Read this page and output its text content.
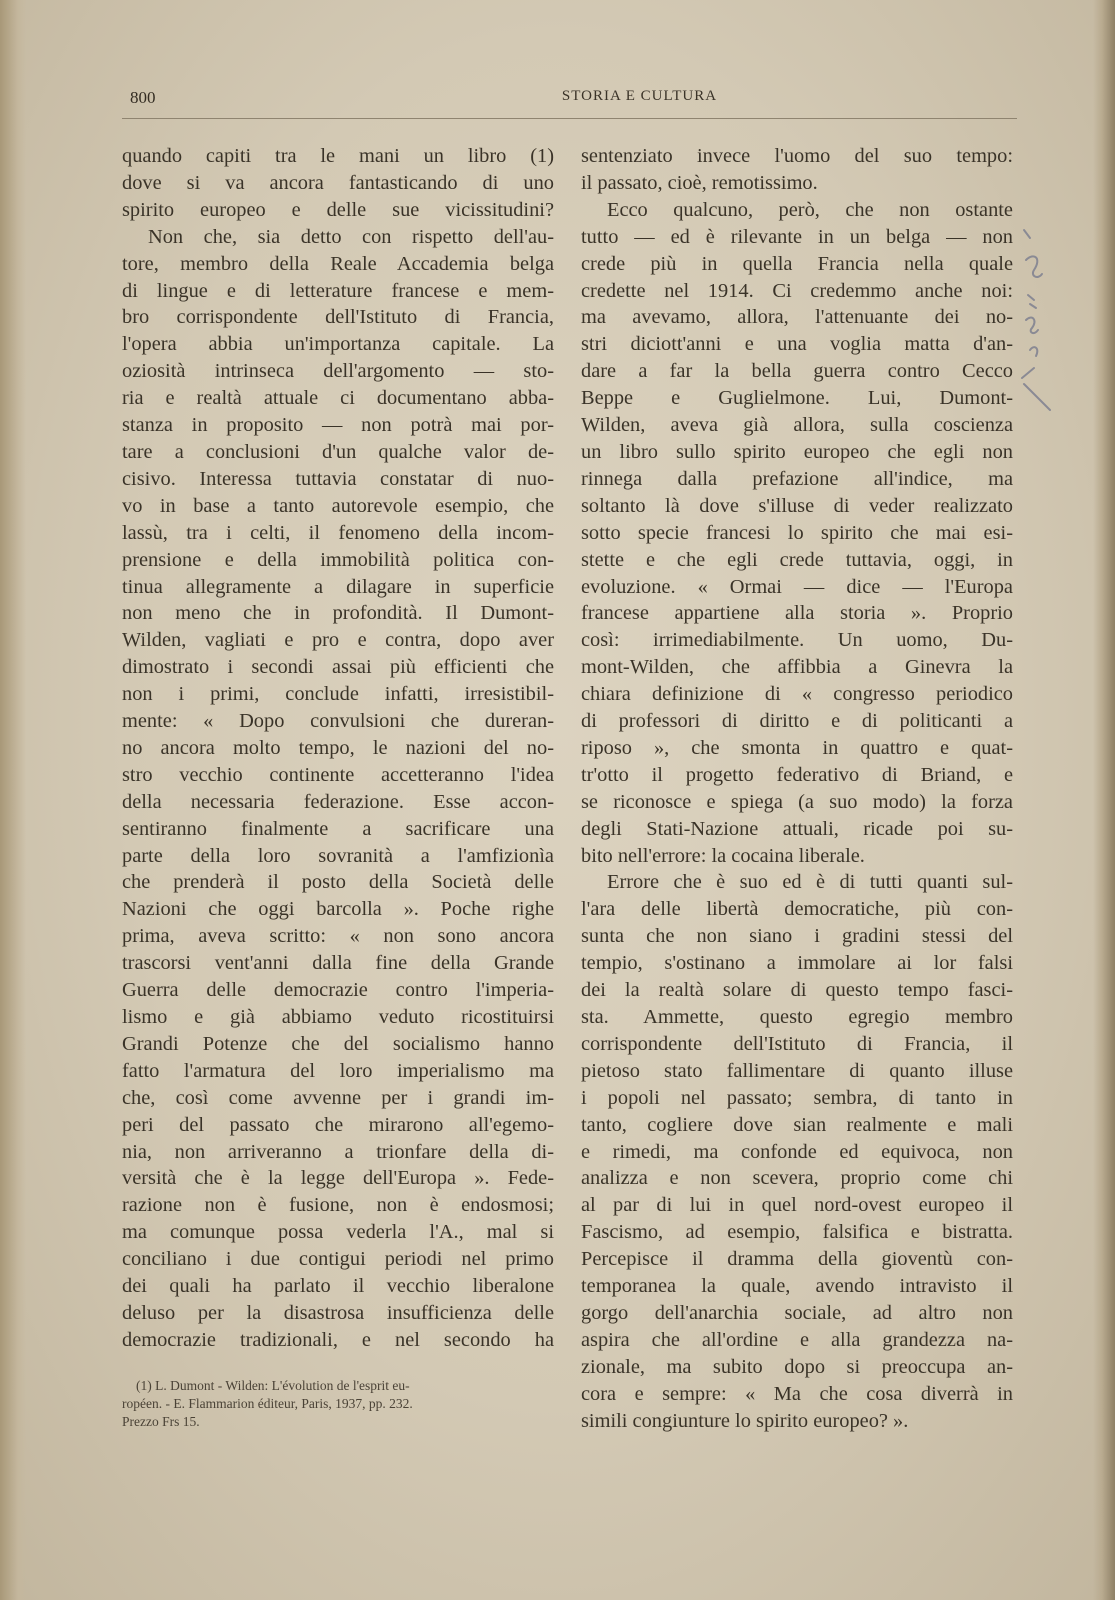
800	STORIA E CULTURA
quando capiti tra le mani un libro (1)
dove si va ancora fantasticando di uno
spirito europeo e delle sue vicissitudini?
Non che, sia detto con rispetto dell'au-
tore, membro della Reale Accademia belga
di lingue e di letterature francese e mem-
bro corrispondente dell'Istituto di Francia,
l'opera abbia un'importanza capitale. La
oziosità intrinseca dell'argomento — sto-
ria e realtà attuale ci documentano abba-
stanza in proposito — non potrà mai por-
tare a conclusioni d'un qualche valor de-
cisivo. Interessa tuttavia constatar di nuo-
vo in base a tanto autorevole esempio, che
lassù, tra i celti, il fenomeno della incom-
prensione e della immobilità politica con-
tinua allegramente a dilagare in superficie
non meno che in profondità. Il Dumont-
Wilden, vagliati e pro e contra, dopo aver
dimostrato i secondi assai più efficienti che
non i primi, conclude infatti, irresistibil-
mente: « Dopo convulsioni che dureran-
no ancora molto tempo, le nazioni del no-
stro vecchio continente accetteranno l'idea
della necessaria federazione. Esse accon-
sentiranno finalmente a sacrificare una
parte della loro sovranità a l'amfizionìa
che prenderà il posto della Società delle
Nazioni che oggi barcolla ». Poche righe
prima, aveva scritto: « non sono ancora
trascorsi vent'anni dalla fine della Grande
Guerra delle democrazie contro l'imperia-
lismo e già abbiamo veduto ricostituirsi
Grandi Potenze che del socialismo hanno
fatto l'armatura del loro imperialismo ma
che, così come avvenne per i grandi im-
peri del passato che mirarono all'egemo-
nia, non arriveranno a trionfare della di-
versità che è la legge dell'Europa ». Fede-
razione non è fusione, non è endosmosi;
ma comunque possa vederla l'A., mal si
conciliano i due contigui periodi nel primo
dei quali ha parlato il vecchio liberalone
deluso per la disastrosa insufficienza delle
democrazie tradizionali, e nel secondo ha
sentenziato invece l'uomo del suo tempo:
il passato, cioè, remotissimo.
Ecco qualcuno, però, che non ostante
tutto — ed è rilevante in un belga — non
crede più in quella Francia nella quale
credette nel 1914. Ci credemmo anche noi:
ma avevamo, allora, l'attenuante dei no-
stri diciott'anni e una voglia matta d'an-
dare a far la bella guerra contro Cecco
Beppe e Guglielmone. Lui, Dumont-
Wilden, aveva già allora, sulla coscienza
un libro sullo spirito europeo che egli non
rinnega dalla prefazione all'indice, ma
soltanto là dove s'illuse di veder realizzato
sotto specie francesi lo spirito che mai esi-
stette e che egli crede tuttavia, oggi, in
evoluzione. « Ormai — dice — l'Europa
francese appartiene alla storia ». Proprio
così: irrimediabilmente. Un uomo, Du-
mont-Wilden, che affibbia a Ginevra la
chiara definizione di « congresso periodico
di professori di diritto e di politicanti a
riposo », che smonta in quattro e quat-
tr'otto il progetto federativo di Briand, e
se riconosce e spiega (a suo modo) la forza
degli Stati-Nazione attuali, ricade poi su-
bito nell'errore: la cocaina liberale.
Errore che è suo ed è di tutti quanti sul-
l'ara delle libertà democratiche, più con-
sunta che non siano i gradini stessi del
tempio, s'ostinano a immolare ai lor falsi
dei la realtà solare di questo tempo fasci-
sta. Ammette, questo egregio membro
corrispondente dell'Istituto di Francia, il
pietoso stato fallimentare di quanto illuse
i popoli nel passato; sembra, di tanto in
tanto, cogliere dove sian realmente e mali
e rimedi, ma confonde ed equivoca, non
analizza e non scevera, proprio come chi
al par di lui in quel nord-ovest europeo il
Fascismo, ad esempio, falsifica e bistratta.
Percepisce il dramma della gioventù con-
temporanea la quale, avendo intravisto il
gorgo dell'anarchia sociale, ad altro non
aspira che all'ordine e alla grandezza na-
zionale, ma subito dopo si preoccupa an-
cora e sempre: « Ma che cosa diverrà in
simili congiunture lo spirito europeo? ».
(1) L. Dumont - Wilden: L'évolution de l'esprit eu-
ropéen. - E. Flammarion éditeur, Paris, 1937, pp. 232.
Prezzo Frs 15.
